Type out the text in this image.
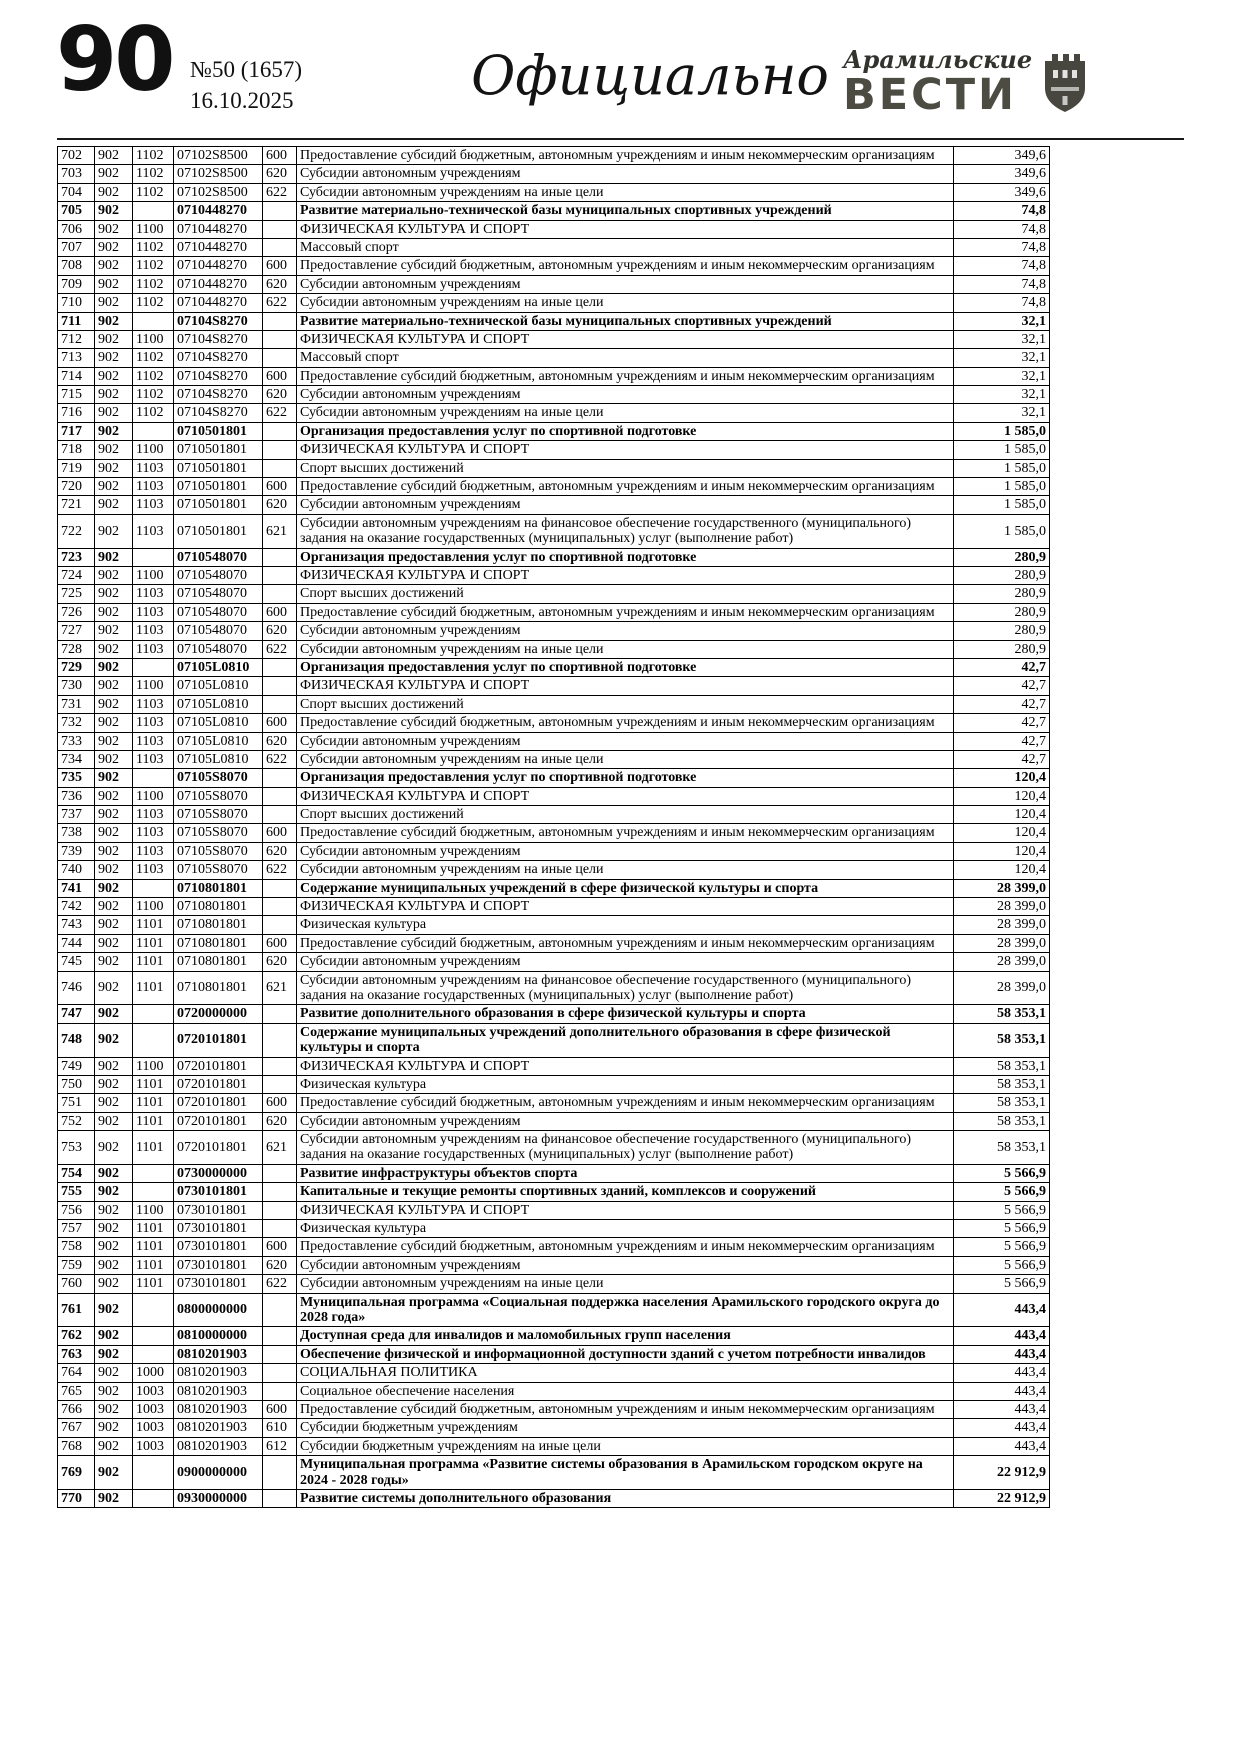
90 №50 (1657)
16.10.2025	Официально Арамильские
ВЕСТИ
702	902	1102	07102S8500	600	Предоставление субсидий бюджетным, автономным учреждениям и иным некоммерческим организациям	349,6
703	902	1102	07102S8500	620	Субсидии автономным учреждениям	349,6
704	902	1102	07102S8500	622	Субсидии автономным учреждениям на иные цели	349,6
705	902		0710448270		Развитие материально-технической базы муниципальных спортивных учреждений	74,8
706	902	1100	0710448270		ФИЗИЧЕСКАЯ КУЛЬТУРА И СПОРТ	74,8
707	902	1102	0710448270		Массовый спорт	74,8
708	902	1102	0710448270	600	Предоставление субсидий бюджетным, автономным учреждениям и иным некоммерческим организациям	74,8
709	902	1102	0710448270	620	Субсидии автономным учреждениям	74,8
710	902	1102	0710448270	622	Субсидии автономным учреждениям на иные цели	74,8
711	902		07104S8270		Развитие материально-технической базы муниципальных спортивных учреждений	32,1
712	902	1100	07104S8270		ФИЗИЧЕСКАЯ КУЛЬТУРА И СПОРТ	32,1
713	902	1102	07104S8270		Массовый спорт	32,1
714	902	1102	07104S8270	600	Предоставление субсидий бюджетным, автономным учреждениям и иным некоммерческим организациям	32,1
715	902	1102	07104S8270	620	Субсидии автономным учреждениям	32,1
716	902	1102	07104S8270	622	Субсидии автономным учреждениям на иные цели	32,1
717	902		0710501801		Организация предоставления услуг по спортивной подготовке	1 585,0
718	902	1100	0710501801		ФИЗИЧЕСКАЯ КУЛЬТУРА И СПОРТ	1 585,0
719	902	1103	0710501801		Спорт высших достижений	1 585,0
720	902	1103	0710501801	600	Предоставление субсидий бюджетным, автономным учреждениям и иным некоммерческим организациям	1 585,0
721	902	1103	0710501801	620	Субсидии автономным учреждениям	1 585,0
722	902	1103	0710501801	621	Субсидии автономным учреждениям на финансовое обеспечение государственного (муниципального) задания на оказание государственных (муниципальных) услуг (выполнение работ)	1 585,0
723	902		0710548070		Организация предоставления услуг по спортивной подготовке	280,9
724	902	1100	0710548070		ФИЗИЧЕСКАЯ КУЛЬТУРА И СПОРТ	280,9
725	902	1103	0710548070		Спорт высших достижений	280,9
726	902	1103	0710548070	600	Предоставление субсидий бюджетным, автономным учреждениям и иным некоммерческим организациям	280,9
727	902	1103	0710548070	620	Субсидии автономным учреждениям	280,9
728	902	1103	0710548070	622	Субсидии автономным учреждениям на иные цели	280,9
729	902		07105L0810		Организация предоставления услуг по спортивной подготовке	42,7
730	902	1100	07105L0810		ФИЗИЧЕСКАЯ КУЛЬТУРА И СПОРТ	42,7
731	902	1103	07105L0810		Спорт высших достижений	42,7
732	902	1103	07105L0810	600	Предоставление субсидий бюджетным, автономным учреждениям и иным некоммерческим организациям	42,7
733	902	1103	07105L0810	620	Субсидии автономным учреждениям	42,7
734	902	1103	07105L0810	622	Субсидии автономным учреждениям на иные цели	42,7
735	902		07105S8070		Организация предоставления услуг по спортивной подготовке	120,4
736	902	1100	07105S8070		ФИЗИЧЕСКАЯ КУЛЬТУРА И СПОРТ	120,4
737	902	1103	07105S8070		Спорт высших достижений	120,4
738	902	1103	07105S8070	600	Предоставление субсидий бюджетным, автономным учреждениям и иным некоммерческим организациям	120,4
739	902	1103	07105S8070	620	Субсидии автономным учреждениям	120,4
740	902	1103	07105S8070	622	Субсидии автономным учреждениям на иные цели	120,4
741	902		0710801801		Содержание муниципальных учреждений в сфере физической культуры и спорта	28 399,0
742	902	1100	0710801801		ФИЗИЧЕСКАЯ КУЛЬТУРА И СПОРТ	28 399,0
743	902	1101	0710801801		Физическая культура	28 399,0
744	902	1101	0710801801	600	Предоставление субсидий бюджетным, автономным учреждениям и иным некоммерческим организациям	28 399,0
745	902	1101	0710801801	620	Субсидии автономным учреждениям	28 399,0
746	902	1101	0710801801	621	Субсидии автономным учреждениям на финансовое обеспечение государственного (муниципального) задания на оказание государственных (муниципальных) услуг (выполнение работ)	28 399,0
747	902		0720000000		Развитие дополнительного образования в сфере физической культуры и спорта	58 353,1
748	902		0720101801		Содержание муниципальных учреждений дополнительного образования в сфере физической культуры и спорта	58 353,1
749	902	1100	0720101801		ФИЗИЧЕСКАЯ КУЛЬТУРА И СПОРТ	58 353,1
750	902	1101	0720101801		Физическая культура	58 353,1
751	902	1101	0720101801	600	Предоставление субсидий бюджетным, автономным учреждениям и иным некоммерческим организациям	58 353,1
752	902	1101	0720101801	620	Субсидии автономным учреждениям	58 353,1
753	902	1101	0720101801	621	Субсидии автономным учреждениям на финансовое обеспечение государственного (муниципального) задания на оказание государственных (муниципальных) услуг (выполнение работ)	58 353,1
754	902		0730000000		Развитие инфраструктуры объектов спорта	5 566,9
755	902		0730101801		Капитальные и текущие ремонты спортивных зданий, комплексов и сооружений	5 566,9
756	902	1100	0730101801		ФИЗИЧЕСКАЯ КУЛЬТУРА И СПОРТ	5 566,9
757	902	1101	0730101801		Физическая культура	5 566,9
758	902	1101	0730101801	600	Предоставление субсидий бюджетным, автономным учреждениям и иным некоммерческим организациям	5 566,9
759	902	1101	0730101801	620	Субсидии автономным учреждениям	5 566,9
760	902	1101	0730101801	622	Субсидии автономным учреждениям на иные цели	5 566,9
761	902		0800000000		Муниципальная программа «Социальная поддержка населения Арамильского городского округа до 2028 года»	443,4
762	902		0810000000		Доступная среда для инвалидов и маломобильных групп населения	443,4
763	902		0810201903		Обеспечение физической и информационной доступности зданий с учетом потребности инвалидов	443,4
764	902	1000	0810201903		СОЦИАЛЬНАЯ ПОЛИТИКА	443,4
765	902	1003	0810201903		Социальное обеспечение населения	443,4
766	902	1003	0810201903	600	Предоставление субсидий бюджетным, автономным учреждениям и иным некоммерческим организациям	443,4
767	902	1003	0810201903	610	Субсидии бюджетным учреждениям	443,4
768	902	1003	0810201903	612	Субсидии бюджетным учреждениям на иные цели	443,4
769	902		0900000000		Муниципальная программа «Развитие системы образования в Арамильском городском округе на 2024 - 2028 годы»	22 912,9
770	902		0930000000		Развитие системы дополнительного образования	22 912,9
